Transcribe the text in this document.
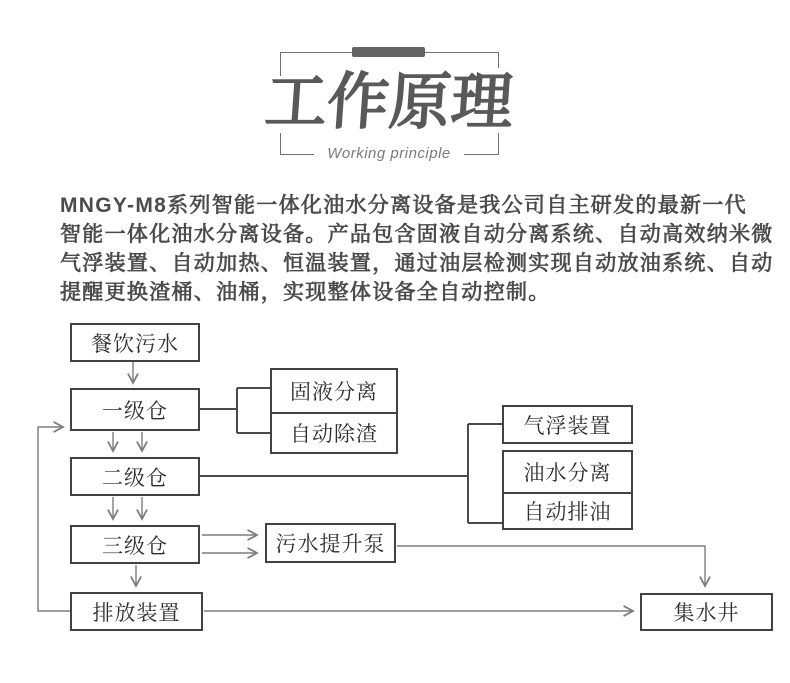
工作原理
Working principle
MNGY-M8系列智能一体化油水分离设备是我公司自主研发的最新一代
智能一体化油水分离设备。产品包含固液自动分离系统、自动高效纳米微
气浮装置、自动加热、恒温装置，通过油层检测实现自动放油系统、自动
提醒更换渣桶、油桶，实现整体设备全自动控制。
餐饮污水
一级仓
二级仓
三级仓
排放装置
固液分离
自动除渣	气浮装置
油水分离
自动排油
污水提升泵
集水井
